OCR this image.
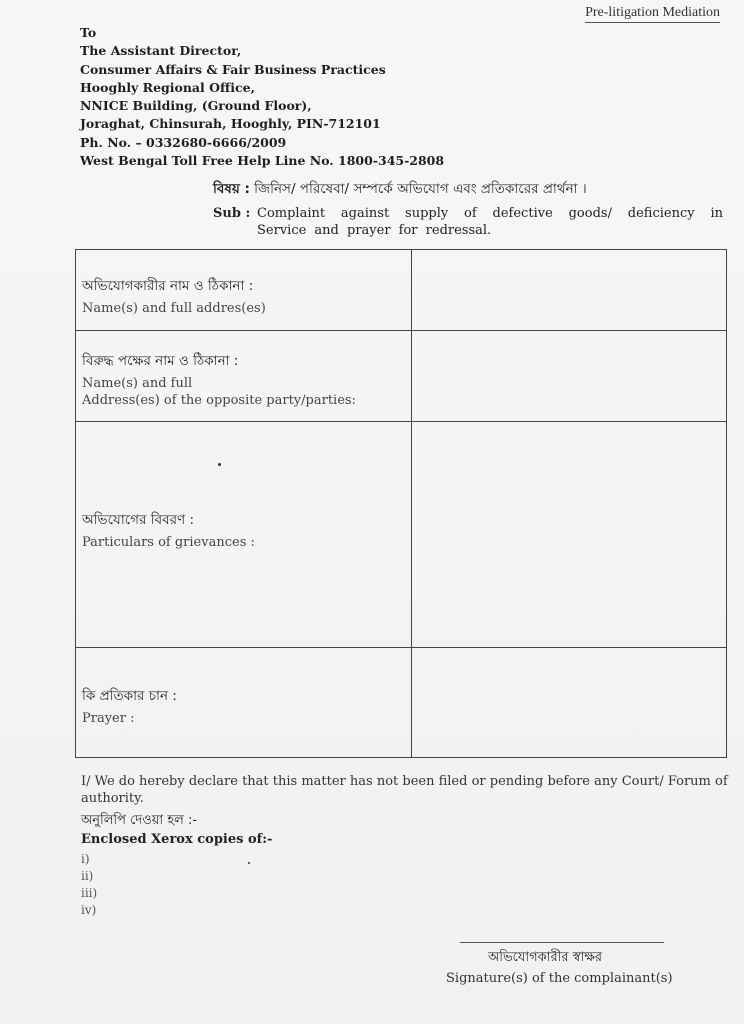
Pre-litigation Mediation
To
The Assistant Director,
Consumer Affairs & Fair Business Practices
Hooghly Regional Office,
NNICE Building, (Ground Floor),
Joraghat, Chinsurah, Hooghly, PIN-712101
Ph. No. – 0332680-6666/2009
West Bengal Toll Free Help Line No. 1800-345-2808
বিষয় : জিনিস/ পরিষেবা/ সম্পর্কে অভিযোগ এবং প্রতিকারের প্রার্থনা ।
Sub : Complaint against supply of defective goods/ deficiency in Service and prayer for redressal.
অভিযোগকারীর নাম ও ঠিকানা :
Name(s) and full addres(es)	

বিরুদ্ধ পক্ষের নাম ও ঠিকানা :
Name(s) and full
Address(es) of the opposite party/parties:	

অভিযোগের বিবরণ :
Particulars of grievances :	

কি প্রতিকার চান :
Prayer :	

I/ We do hereby declare that this matter has not been filed or pending before any Court/ Forum of authority.
অনুলিপি দেওয়া হল :-
Enclosed Xerox copies of:-
i)
ii)
iii)
iv)
অভিযোগকারীর স্বাক্ষর
Signature(s) of the complainant(s)
